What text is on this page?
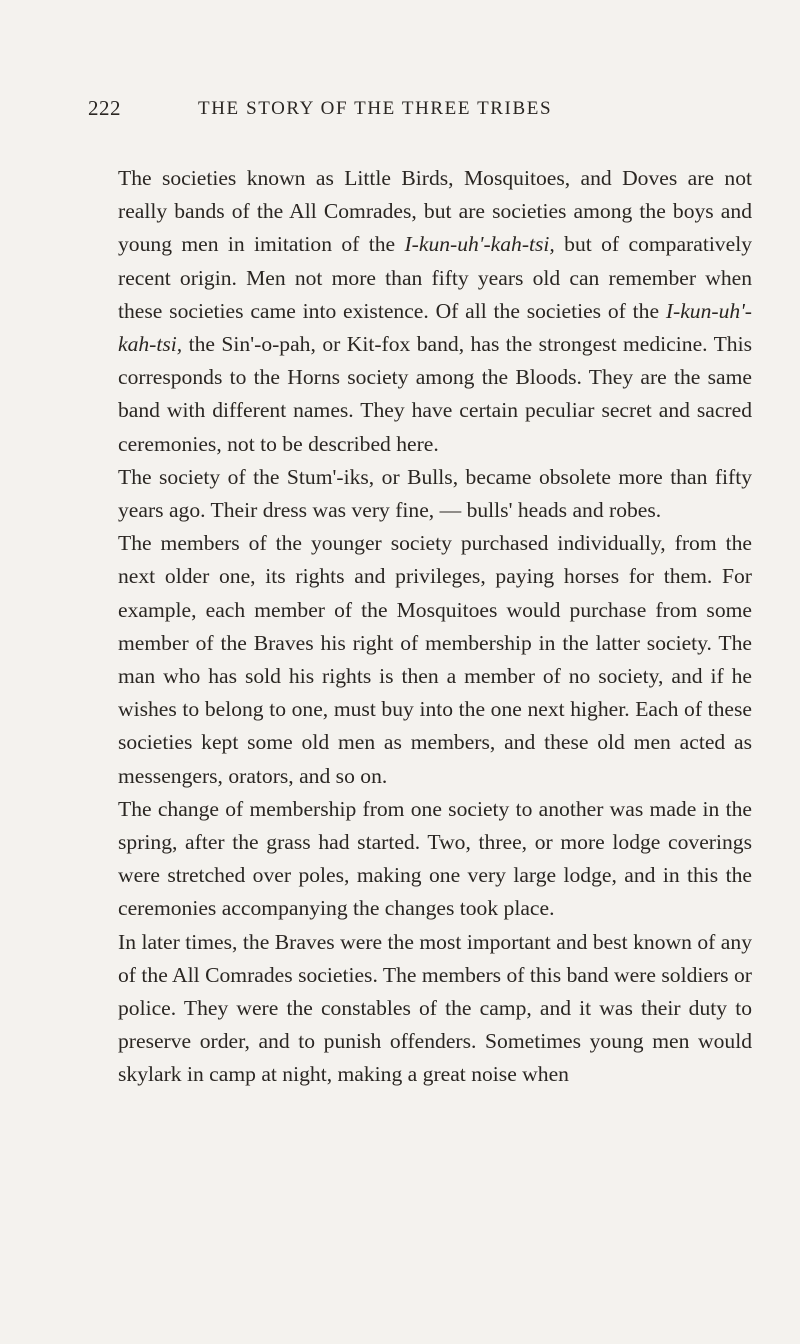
222	THE STORY OF THE THREE TRIBES

The societies known as Little Birds, Mosquitoes, and Doves are not really bands of the All Comrades, but are societies among the boys and young men in imitation of the I-kun-uh'-kah-tsi, but of comparatively recent origin. Men not more than fifty years old can remember when these societies came into existence. Of all the societies of the I-kun-uh'-kah-tsi, the Sin'-o-pah, or Kit-fox band, has the strongest medicine. This corresponds to the Horns society among the Bloods. They are the same band with different names. They have certain peculiar secret and sacred ceremonies, not to be described here.

The society of the Stum'-iks, or Bulls, became obsolete more than fifty years ago. Their dress was very fine, — bulls' heads and robes.

The members of the younger society purchased individually, from the next older one, its rights and privileges, paying horses for them. For example, each member of the Mosquitoes would purchase from some member of the Braves his right of membership in the latter society. The man who has sold his rights is then a member of no society, and if he wishes to belong to one, must buy into the one next higher. Each of these societies kept some old men as members, and these old men acted as messengers, orators, and so on.

The change of membership from one society to another was made in the spring, after the grass had started. Two, three, or more lodge coverings were stretched over poles, making one very large lodge, and in this the ceremonies accompanying the changes took place.

In later times, the Braves were the most important and best known of any of the All Comrades societies. The members of this band were soldiers or police. They were the constables of the camp, and it was their duty to preserve order, and to punish offenders. Sometimes young men would skylark in camp at night, making a great noise when
